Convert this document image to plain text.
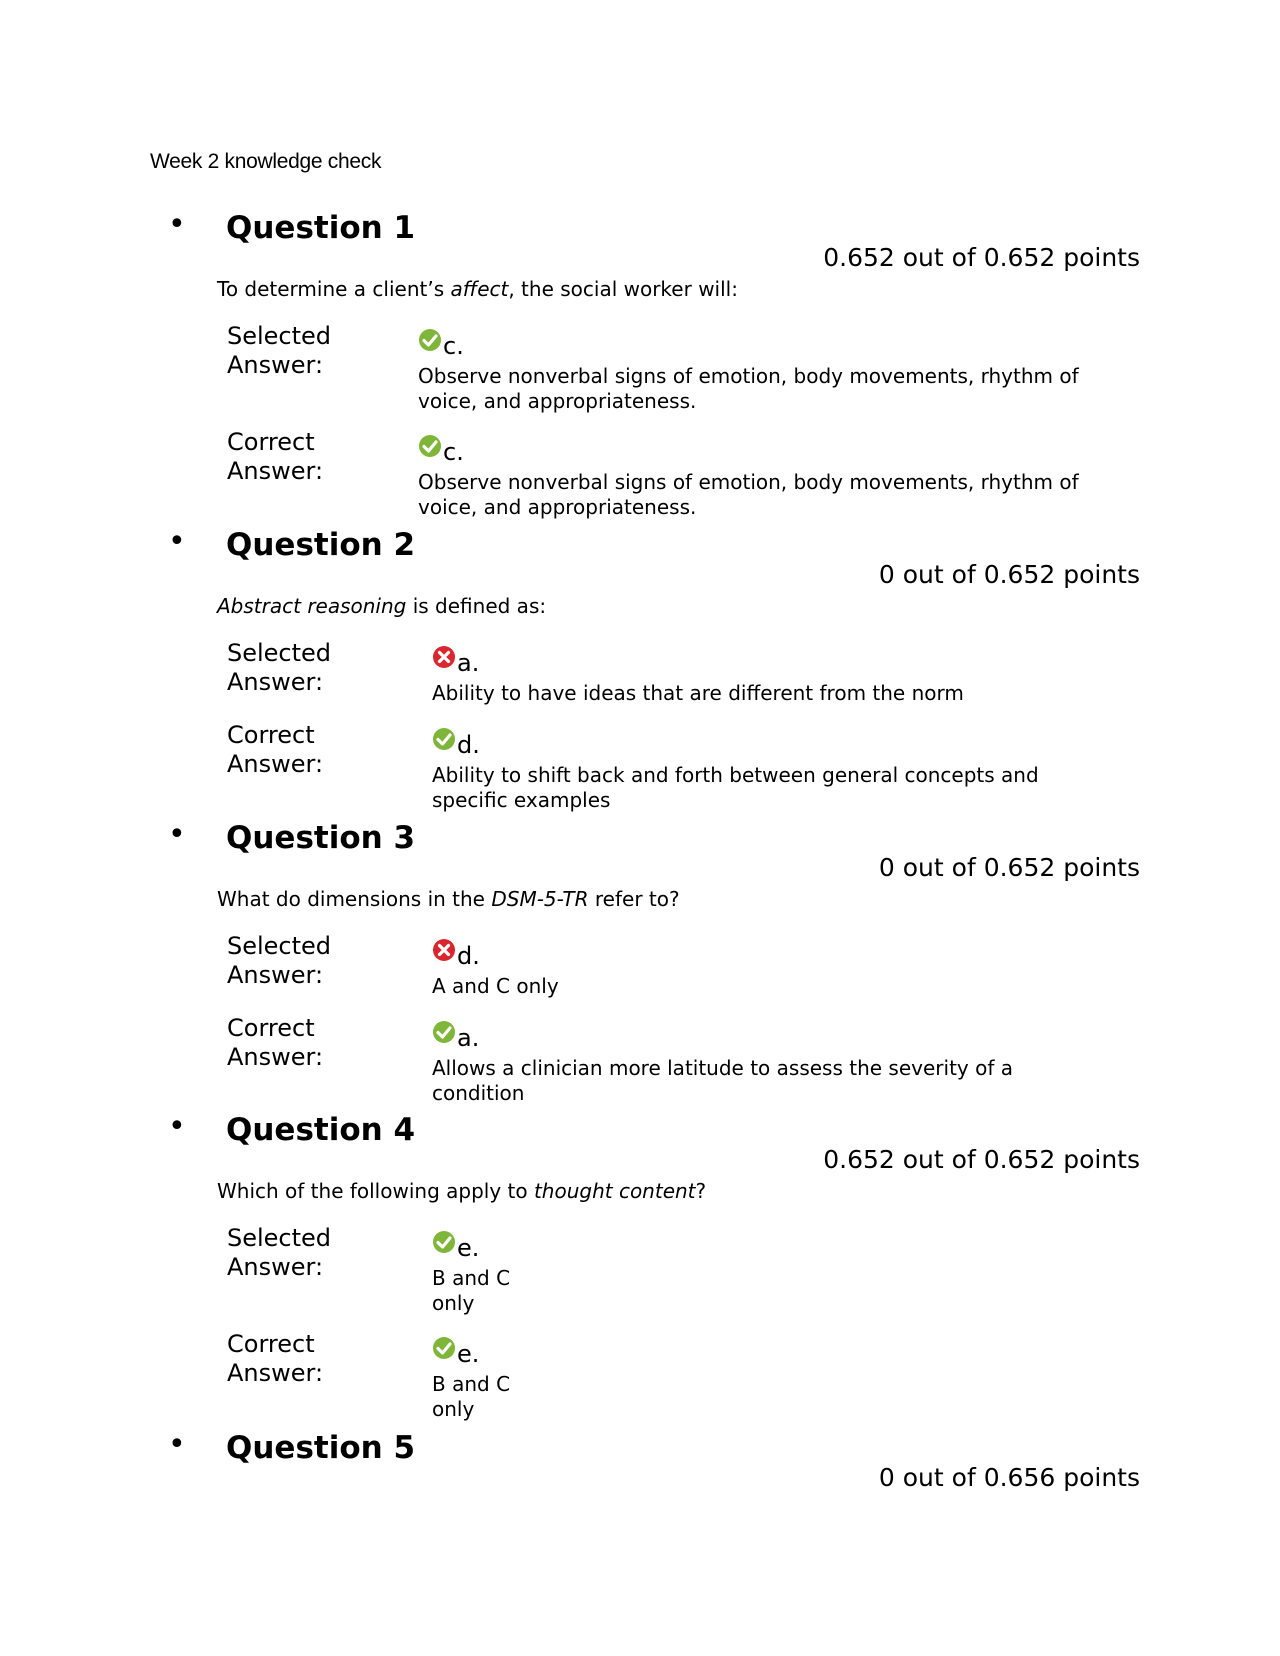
Week 2 knowledge check
• Question 1
0.652 out of 0.652 points
To determine a client’s affect, the social worker will:
Selected Answer:
c.
Observe nonverbal signs of emotion, body movements, rhythm of voice, and appropriateness.
Correct Answer:
c.
Observe nonverbal signs of emotion, body movements, rhythm of voice, and appropriateness.
• Question 2
0 out of 0.652 points
Abstract reasoning is defined as:
Selected Answer:
a.
Ability to have ideas that are different from the norm
Correct Answer:
d.
Ability to shift back and forth between general concepts and specific examples
• Question 3
0 out of 0.652 points
What do dimensions in the DSM-5-TR refer to?
Selected Answer:
d.
A and C only
Correct Answer:
a.
Allows a clinician more latitude to assess the severity of a condition
• Question 4
0.652 out of 0.652 points
Which of the following apply to thought content?
Selected Answer:
e.
B and C only
Correct Answer:
e.
B and C only
• Question 5
0 out of 0.656 points
